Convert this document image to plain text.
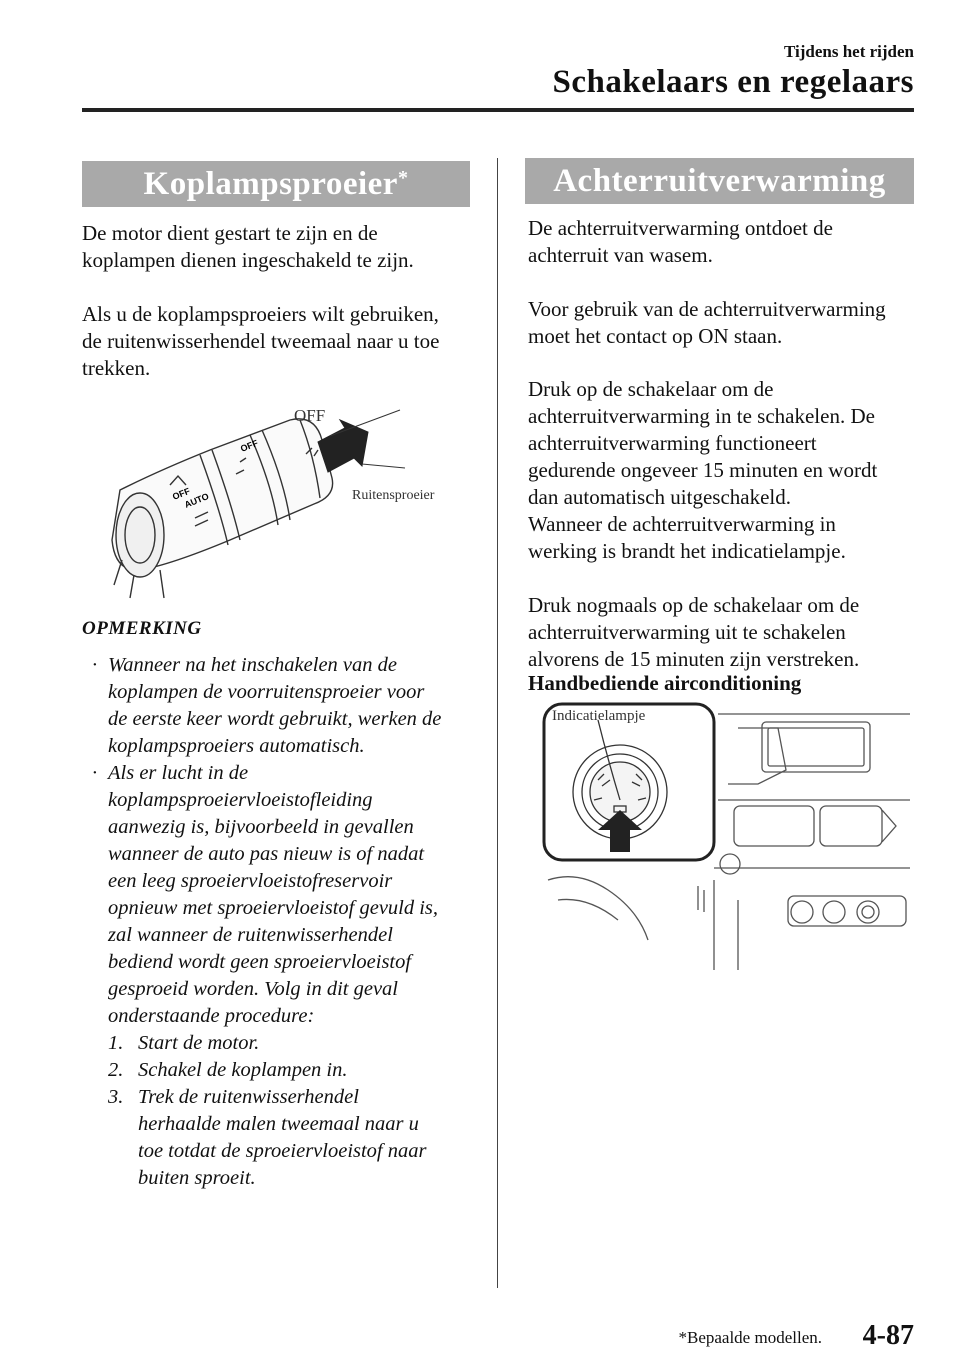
Tijdens het rijden
Schakelaars en regelaars
Koplampsproeier*
De motor dient gestart te zijn en de
koplampen dienen ingeschakeld te zijn.
Als u de koplampsproeiers wilt gebruiken,
de ruitenwisserhendel tweemaal naar u toe
trekken.
OFF
AUTO
OFF
OFF
Ruitensproeier
OPMERKING
· Wanneer na het inschakelen van de
koplampen de voorruitensproeier voor
de eerste keer wordt gebruikt, werken de
koplampsproeiers automatisch.
· Als er lucht in de
koplampsproeiervloeistofleiding
aanwezig is, bijvoorbeeld in gevallen
wanneer de auto pas nieuw is of nadat
een leeg sproeiervloeistofreservoir
opnieuw met sproeiervloeistof gevuld is,
zal wanneer de ruitenwisserhendel
bediend wordt geen sproeiervloeistof
gesproeid worden. Volg in dit geval
onderstaande procedure:
1. Start de motor.
2. Schakel de koplampen in.
3. Trek de ruitenwisserhendel
herhaalde malen tweemaal naar u
toe totdat de sproeiervloeistof naar
buiten sproeit.
Achterruitverwarming
De achterruitverwarming ontdoet de
achterruit van wasem.
Voor gebruik van de achterruitverwarming
moet het contact op ON staan.
Druk op de schakelaar om de
achterruitverwarming in te schakelen. De
achterruitverwarming functioneert
gedurende ongeveer 15 minuten en wordt
dan automatisch uitgeschakeld.
Wanneer de achterruitverwarming in
werking is brandt het indicatielampje.
Druk nogmaals op de schakelaar om de
achterruitverwarming uit te schakelen
alvorens de 15 minuten zijn verstreken.
Handbediende airconditioning
Indicatielampje
*Bepaalde modellen. 4-87
